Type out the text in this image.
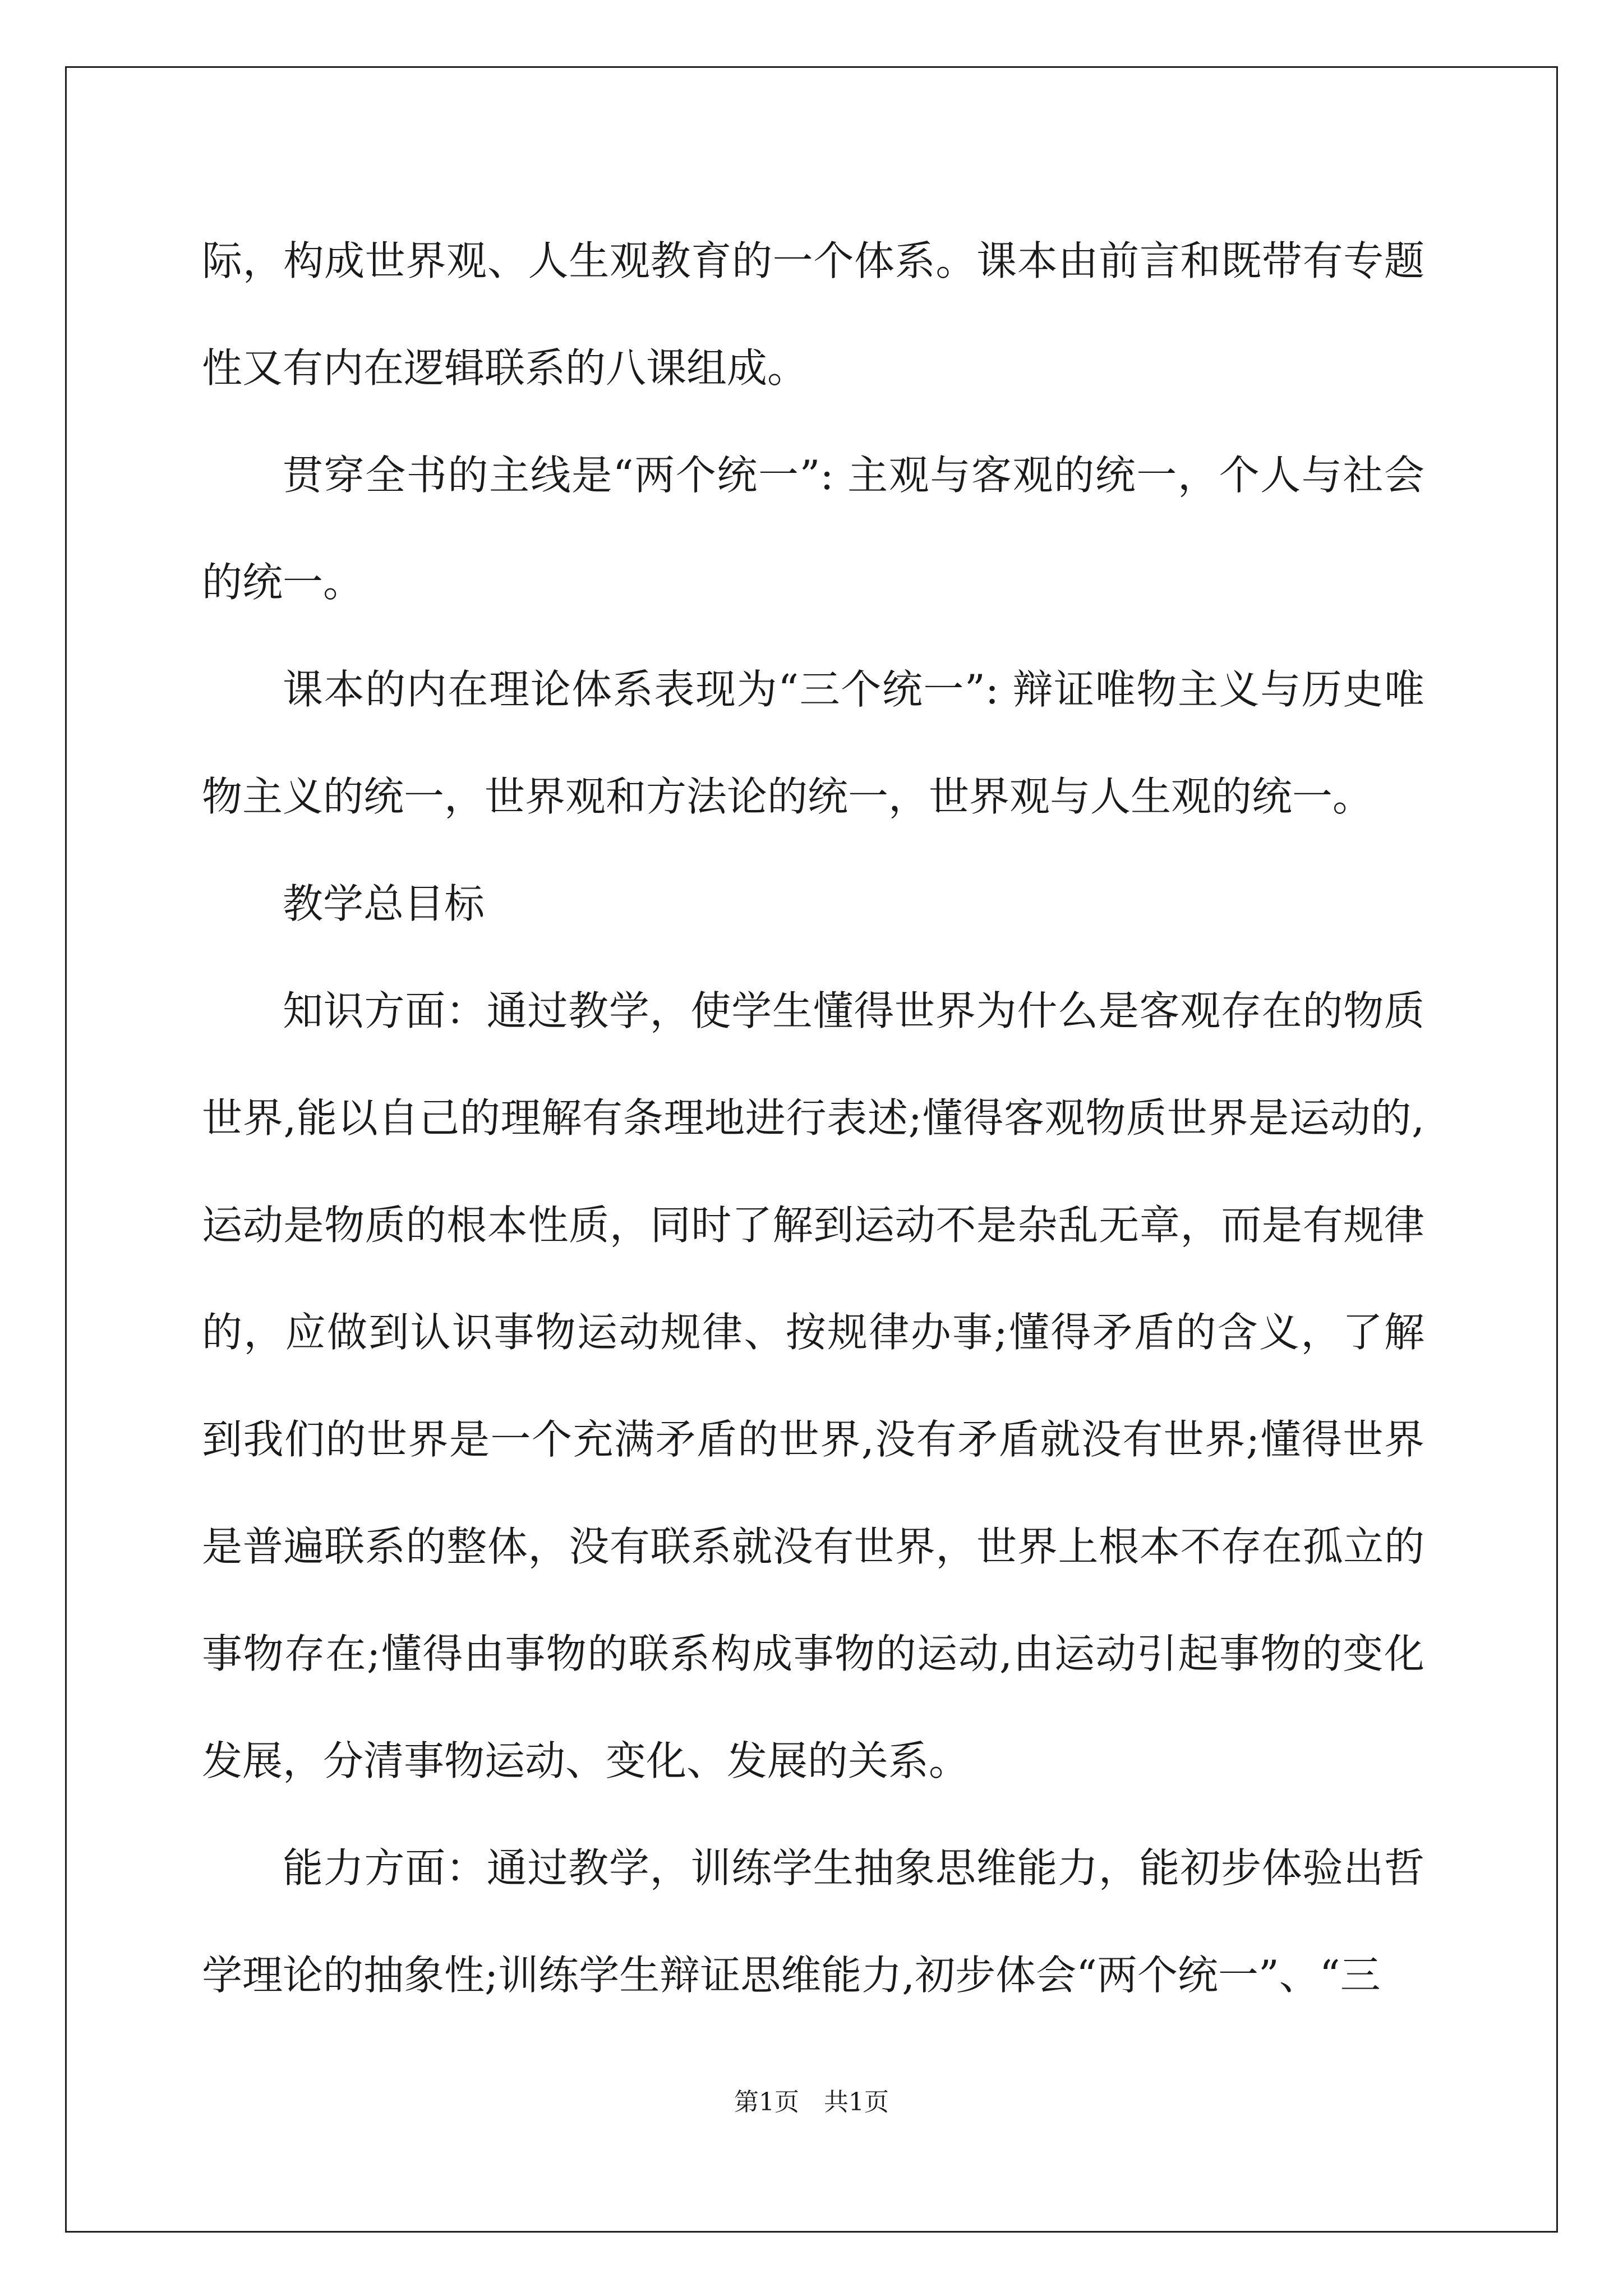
际，构成世界观、人生观教育的一个体系。课本由前言和既带有专题性又有内在逻辑联系的八课组成。

贯穿全书的主线是“两个统一”: 主观与客观的统一，个人与社会的统一。

课本的内在理论体系表现为“三个统一”: 辩证唯物主义与历史唯物主义的统一，世界观和方法论的统一，世界观与人生观的统一。

教学总目标

知识方面：通过教学，使学生懂得世界为什么是客观存在的物质世界,能以自己的理解有条理地进行表述;懂得客观物质世界是运动的,运动是物质的根本性质，同时了解到运动不是杂乱无章，而是有规律的，应做到认识事物运动规律、按规律办事;懂得矛盾的含义，了解到我们的世界是一个充满矛盾的世界,没有矛盾就没有世界;懂得世界是普遍联系的整体，没有联系就没有世界，世界上根本不存在孤立的事物存在;懂得由事物的联系构成事物的运动,由运动引起事物的变化发展，分清事物运动、变化、发展的关系。

能力方面：通过教学，训练学生抽象思维能力，能初步体验出哲学理论的抽象性;训练学生辩证思维能力,初步体会“两个统一”、“三

第1页　共1页
